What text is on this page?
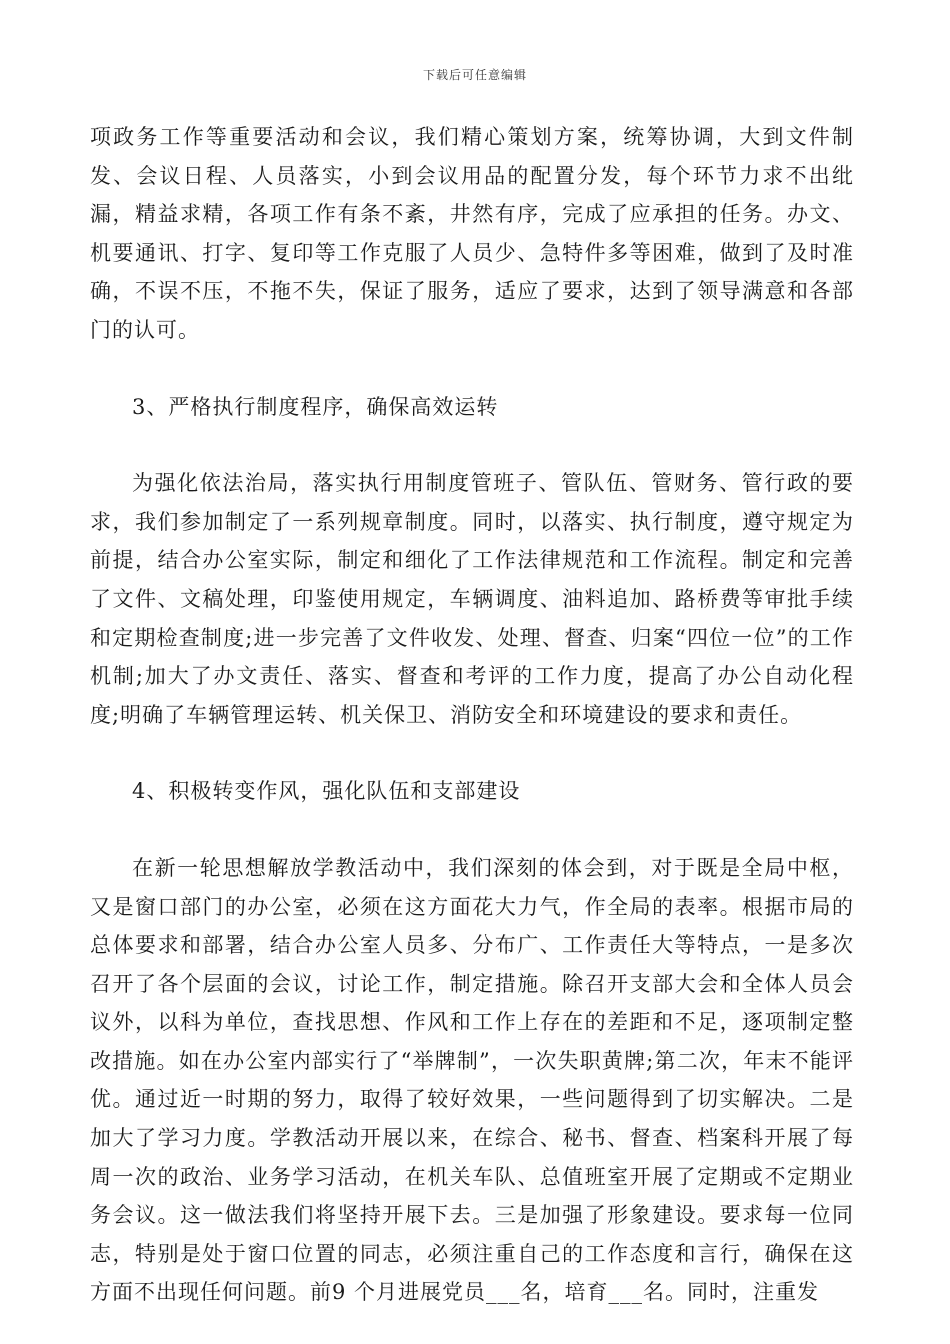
下载后可任意编辑

项政务工作等重要活动和会议，我们精心策划方案，统筹协调，大到文件制发、会议日程、人员落实，小到会议用品的配置分发，每个环节力求不出纰漏，精益求精，各项工作有条不紊，井然有序，完成了应承担的任务。办文、机要通讯、打字、复印等工作克服了人员少、急特件多等困难，做到了及时准确，不误不压，不拖不失，保证了服务，适应了要求，达到了领导满意和各部门的认可。

3、严格执行制度程序，确保高效运转

为强化依法治局，落实执行用制度管班子、管队伍、管财务、管行政的要求，我们参加制定了一系列规章制度。同时，以落实、执行制度，遵守规定为前提，结合办公室实际，制定和细化了工作法律规范和工作流程。制定和完善了文件、文稿处理，印鉴使用规定，车辆调度、油料追加、路桥费等审批手续和定期检查制度;进一步完善了文件收发、处理、督查、归案“四位一位”的工作机制;加大了办文责任、落实、督查和考评的工作力度，提高了办公自动化程度;明确了车辆管理运转、机关保卫、消防安全和环境建设的要求和责任。

4、积极转变作风，强化队伍和支部建设

在新一轮思想解放学教活动中，我们深刻的体会到，对于既是全局中枢，又是窗口部门的办公室，必须在这方面花大力气，作全局的表率。根据市局的总体要求和部署，结合办公室人员多、分布广、工作责任大等特点，一是多次召开了各个层面的会议，讨论工作，制定措施。除召开支部大会和全体人员会议外，以科为单位，查找思想、作风和工作上存在的差距和不足，逐项制定整改措施。如在办公室内部实行了“举牌制”，一次失职黄牌;第二次，年末不能评优。通过近一时期的努力，取得了较好效果，一些问题得到了切实解决。二是加大了学习力度。学教活动开展以来，在综合、秘书、督查、档案科开展了每周一次的政治、业务学习活动，在机关车队、总值班室开展了定期或不定期业务会议。这一做法我们将坚持开展下去。三是加强了形象建设。要求每一位同志，特别是处于窗口位置的同志，必须注重自己的工作态度和言行，确保在这方面不出现任何问题。前9 个月进展党员___名，培育___名。同时，注重发
